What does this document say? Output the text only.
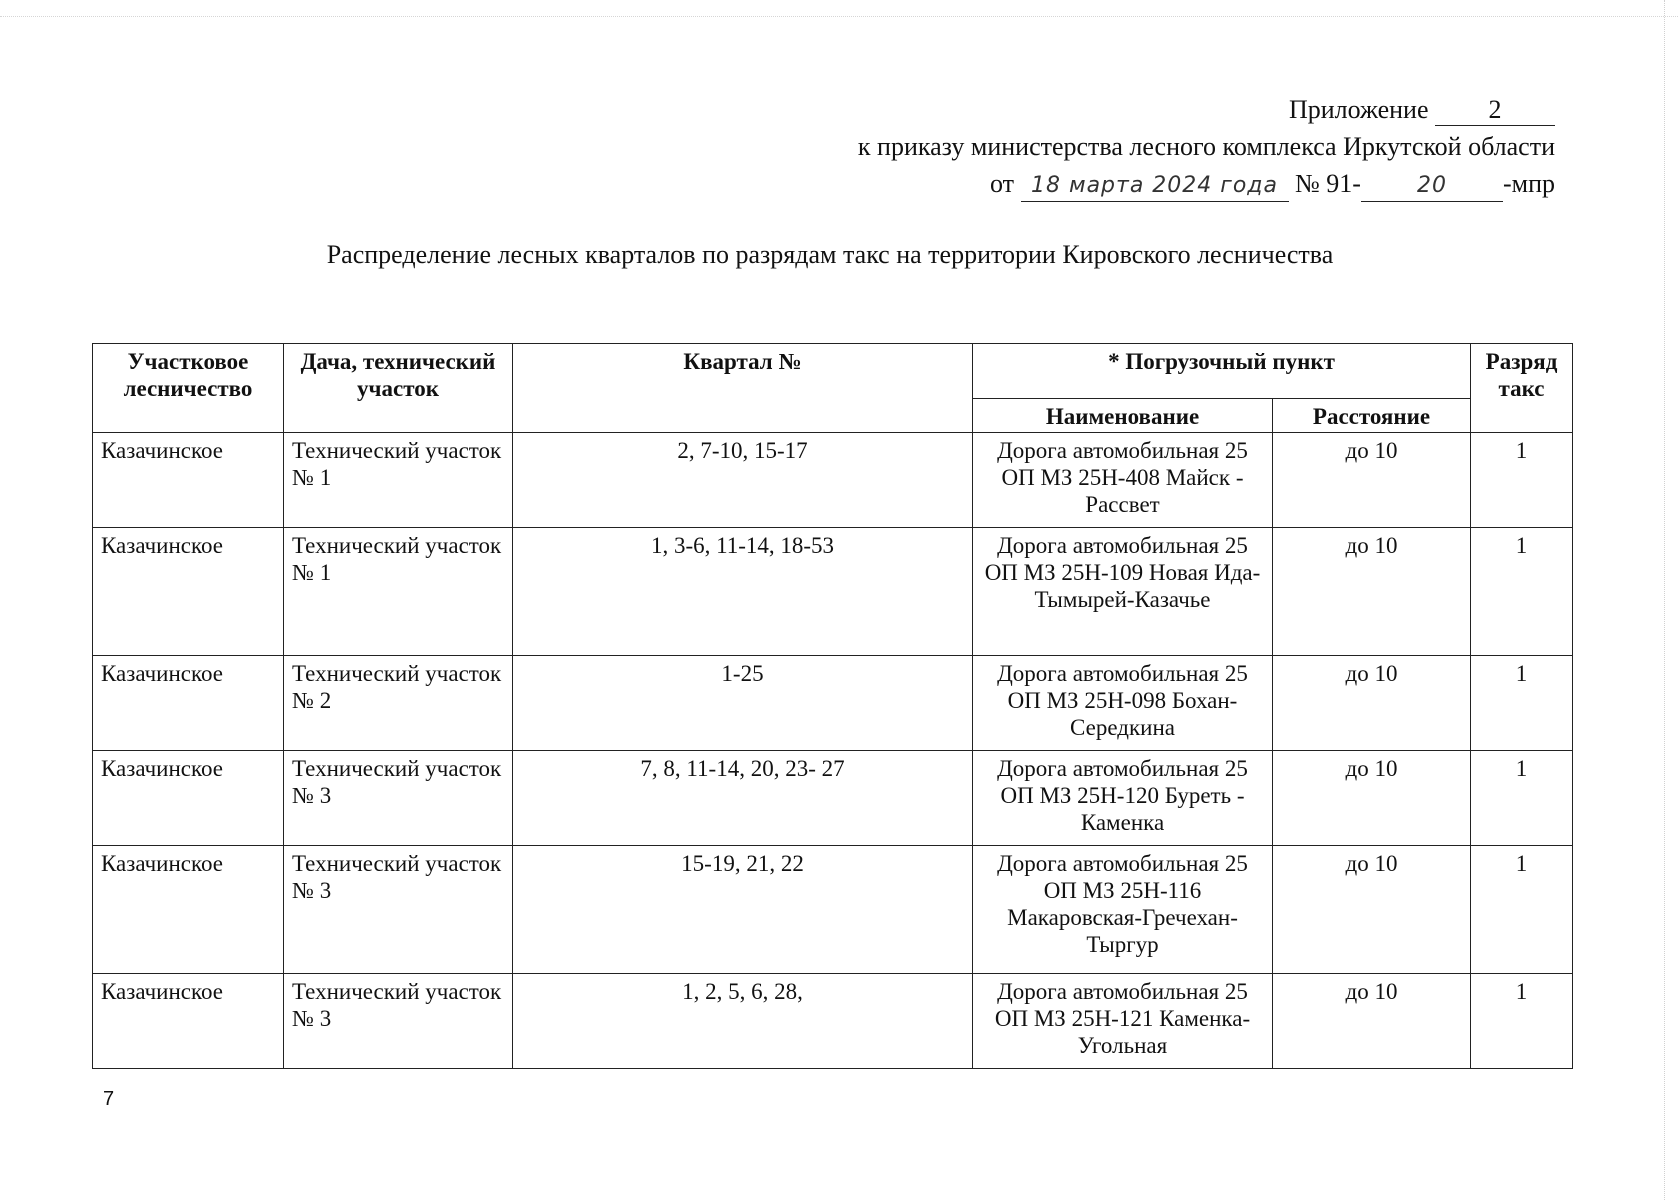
Приложение 2
к приказу министерства лесного комплекса Иркутской области
от 18 марта 2024 года № 91-	20 -мпр
Распределение лесных кварталов по разрядам такс на территории Кировского лесничества
Участковое лесничество	Дача, технический участок	Квартал №	* Погрузочный пункт		Разряд такс
			Наименование	Расстояние	
Казачинское	Технический участок № 1	2, 7-10, 15-17	Дорога автомобильная 25 ОП МЗ 25Н-408 Майск - Рассвет	до 10	1
Казачинское	Технический участок № 1	1, 3-6, 11-14, 18-53	Дорога автомобильная 25 ОП МЗ 25Н-109 Новая Ида-Тымырей-Казачье	до 10	1
Казачинское	Технический участок № 2	1-25	Дорога автомобильная 25 ОП МЗ 25Н-098 Бохан-Середкина	до 10	1
Казачинское	Технический участок № 3	7, 8, 11-14, 20, 23- 27	Дорога автомобильная 25 ОП МЗ 25Н-120 Буреть - Каменка	до 10	1
Казачинское	Технический участок № 3	15-19, 21, 22	Дорога автомобильная 25 ОП МЗ 25Н-116 Макаровская-Гречехан-Тыргур	до 10	1
Казачинское	Технический участок № 3	1, 2, 5, 6, 28,	Дорога автомобильная 25 ОП МЗ 25Н-121 Каменка-Угольная	до 10	1
7
